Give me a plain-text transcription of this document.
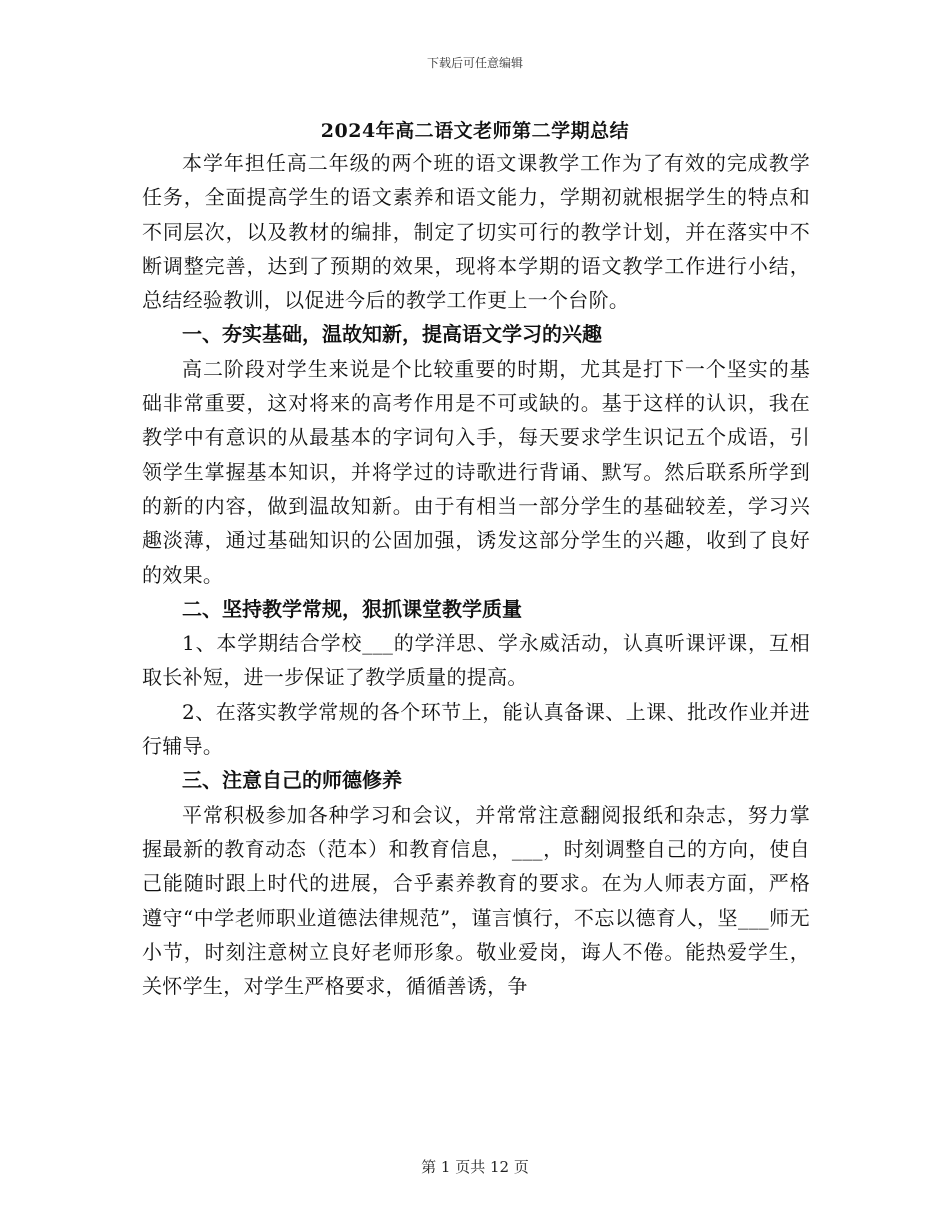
下载后可任意编辑
2024年高二语文老师第二学期总结

本学年担任高二年级的两个班的语文课教学工作为了有效的完成教学任务，全面提高学生的语文素养和语文能力，学期初就根据学生的特点和不同层次，以及教材的编排，制定了切实可行的教学计划，并在落实中不断调整完善，达到了预期的效果，现将本学期的语文教学工作进行小结，总结经验教训，以促进今后的教学工作更上一个台阶。

一、夯实基础，温故知新，提高语文学习的兴趣

高二阶段对学生来说是个比较重要的时期，尤其是打下一个坚实的基础非常重要，这对将来的高考作用是不可或缺的。基于这样的认识，我在教学中有意识的从最基本的字词句入手，每天要求学生识记五个成语，引领学生掌握基本知识，并将学过的诗歌进行背诵、默写。然后联系所学到的新的内容，做到温故知新。由于有相当一部分学生的基础较差，学习兴趣淡薄，通过基础知识的公固加强，诱发这部分学生的兴趣，收到了良好的效果。

二、坚持教学常规，狠抓课堂教学质量

1、本学期结合学校___的学洋思、学永威活动，认真听课评课，互相取长补短，进一步保证了教学质量的提高。

2、在落实教学常规的各个环节上，能认真备课、上课、批改作业并进行辅导。

三、注意自己的师德修养

平常积极参加各种学习和会议，并常常注意翻阅报纸和杂志，努力掌握最新的教育动态（范本）和教育信息，___，时刻调整自己的方向，使自己能随时跟上时代的进展，合乎素养教育的要求。在为人师表方面，严格遵守“中学老师职业道德法律规范”，谨言慎行，不忘以德育人，坚___师无小节，时刻注意树立良好老师形象。敬业爱岗，诲人不倦。能热爱学生，关怀学生，对学生严格要求，循循善诱，争

第 1 页共 12 页
